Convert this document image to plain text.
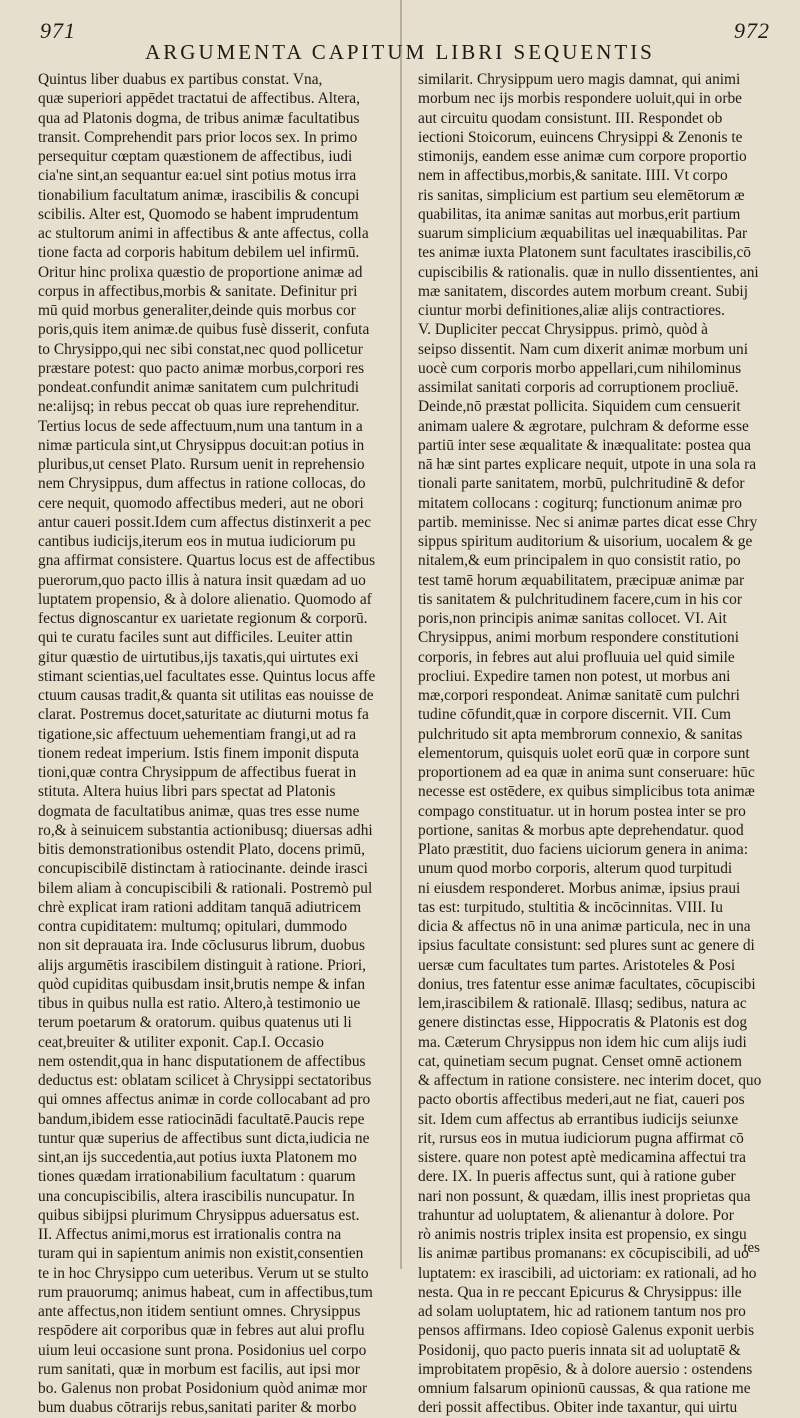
971	972
ARGUMENTA CAPITUM LIBRI SEQUENTIS
Quintus liber duabus ex partibus constat. Vna,
quæ superiori appēdet tractatui de affectibus. Altera,
qua ad Platonis dogma, de tribus animæ facultatibus
transit. Comprehendit pars prior locos sex. In primo
persequitur cœptam quæstionem de affectibus, iudi
cia'ne sint,an sequantur ea:uel sint potius motus irra
tionabilium facultatum animæ, irascibilis & concupi
scibilis. Alter est, Quomodo se habent imprudentum
ac stultorum animi in affectibus & ante affectus, colla
tione facta ad corporis habitum debilem uel infirmū.
Oritur hinc prolixa quæstio de proportione animæ ad
corpus in affectibus,morbis & sanitate. Definitur pri
mū quid morbus generaliter,deinde quis morbus cor
poris,quis item animæ.de quibus fusè disserit, confuta
to Chrysippo,qui nec sibi constat,nec quod pollicetur
præstare potest: quo pacto animæ morbus,corpori res
pondeat.confundit animæ sanitatem cum pulchritudi
ne:alijsq; in rebus peccat ob quas iure reprehenditur.
Tertius locus de sede affectuum,num una tantum in a
nimæ particula sint,ut Chrysippus docuit:an potius in
pluribus,ut censet Plato. Rursum uenit in reprehensio
nem Chrysippus, dum affectus in ratione collocas, do
cere nequit, quomodo affectibus mederi, aut ne obori
antur caueri possit.Idem cum affectus distinxerit a pec
cantibus iudicijs,iterum eos in mutua iudiciorum pu
gna affirmat consistere. Quartus locus est de affectibus
puerorum,quo pacto illis à natura insit quædam ad uo
luptatem propensio, & à dolore alienatio. Quomodo af
fectus dignoscantur ex uarietate regionum & corporū.
qui te curatu faciles sunt aut difficiles. Leuiter attin
gitur quæstio de uirtutibus,ijs taxatis,qui uirtutes exi
stimant scientias,uel facultates esse. Quintus locus affe
ctuum causas tradit,& quanta sit utilitas eas nouisse de
clarat. Postremus docet,saturitate ac diuturni motus fa
tigatione,sic affectuum uehementiam frangi,ut ad ra
tionem redeat imperium. Istis finem imponit disputa
tioni,quæ contra Chrysippum de affectibus fuerat in
stituta. Altera huius libri pars spectat ad Platonis
dogmata de facultatibus animæ, quas tres esse nume
ro,& à seinuicem substantia actionibusq; diuersas adhi
bitis demonstrationibus ostendit Plato, docens primū,
concupiscibilē distinctam à ratiocinante. deinde irasci
bilem aliam à concupiscibili & rationali. Postremò pul
chrè explicat iram rationi additam tanquā adiutricem
contra cupiditatem: multumq; opitulari, dummodo
non sit deprauata ira. Inde cōclusurus librum, duobus
alijs argumētis irascibilem distinguit à ratione. Priori,
quòd cupiditas quibusdam insit,brutis nempe & infan
tibus in quibus nulla est ratio. Altero,à testimonio ue
terum poetarum & oratorum. quibus quatenus uti li
ceat,breuiter & utiliter exponit. Cap.I. Occasio
nem ostendit,qua in hanc disputationem de affectibus
deductus est: oblatam scilicet à Chrysippi sectatoribus
qui omnes affectus animæ in corde collocabant ad pro
bandum,ibidem esse ratiocinādi facultatē.Paucis repe
tuntur quæ superius de affectibus sunt dicta,iudicia ne
sint,an ijs succedentia,aut potius iuxta Platonem mo
tiones quædam irrationabilium facultatum : quarum
una concupiscibilis, altera irascibilis nuncupatur. In
quibus sibijpsi plurimum Chrysippus aduersatus est.
II. Affectus animi,morus est irrationalis contra na
turam qui in sapientum animis non existit,consentien
te in hoc Chrysippo cum ueteribus. Verum ut se stulto
rum prauorumq; animus habeat, cum in affectibus,tum
ante affectus,non itidem sentiunt omnes. Chrysippus
respōdere ait corporibus quæ in febres aut alui proflu
uium leui occasione sunt prona. Posidonius uel corpo
rum sanitati, quæ in morbum est facilis, aut ipsi mor
bo. Galenus non probat Posidonium quòd animæ mor
bum duabus cōtrarijs rebus,sanitati pariter & morbo
similarit. Chrysippum uero magis damnat, qui animi
morbum nec ijs morbis respondere uoluit,qui in orbe
aut circuitu quodam consistunt. III. Respondet ob
iectioni Stoicorum, euincens Chrysippi & Zenonis te
stimonijs, eandem esse animæ cum corpore proportio
nem in affectibus,morbis,& sanitate. IIII. Vt corpo
ris sanitas, simplicium est partium seu elemētorum æ
quabilitas, ita animæ sanitas aut morbus,erit partium
suarum simplicium æquabilitas uel inæquabilitas. Par
tes animæ iuxta Platonem sunt facultates irascibilis,cō
cupiscibilis & rationalis. quæ in nullo dissentientes, ani
mæ sanitatem, discordes autem morbum creant. Subij
ciuntur morbi definitiones,aliæ alijs contractiores.
V. Dupliciter peccat Chrysippus. primò, quòd à
seipso dissentit. Nam cum dixerit animæ morbum uni
uocè cum corporis morbo appellari,cum nihilominus
assimilat sanitati corporis ad corruptionem procliuē.
Deinde,nō præstat pollicita. Siquidem cum censuerit
animam ualere & ægrotare, pulchram & deforme esse
partiū inter sese æqualitate & inæqualitate: postea qua
nā hæ sint partes explicare nequit, utpote in una sola ra
tionali parte sanitatem, morbū, pulchritudinē & defor
mitatem collocans : cogiturq; functionum animæ pro
partib. meminisse. Nec si animæ partes dicat esse Chry
sippus spiritum auditorium & uisorium, uocalem & ge
nitalem,& eum principalem in quo consistit ratio, po
test tamē horum æquabilitatem, præcipuæ animæ par
tis sanitatem & pulchritudinem facere,cum in his cor
poris,non principis animæ sanitas collocet. VI. Ait
Chrysippus, animi morbum respondere constitutioni
corporis, in febres aut alui profluuia uel quid simile
procliui. Expedire tamen non potest, ut morbus ani
mæ,corpori respondeat. Animæ sanitatē cum pulchri
tudine cōfundit,quæ in corpore discernit. VII. Cum
pulchritudo sit apta membrorum connexio, & sanitas
elementorum, quisquis uolet eorū quæ in corpore sunt
proportionem ad ea quæ in anima sunt conseruare: hūc
necesse est ostēdere, ex quibus simplicibus tota animæ
compago constituatur. ut in horum postea inter se pro
portione, sanitas & morbus apte deprehendatur. quod
Plato præstitit, duo faciens uiciorum genera in anima:
unum quod morbo corporis, alterum quod turpitudi
ni eiusdem responderet. Morbus animæ, ipsius praui
tas est: turpitudo, stultitia & incōcinnitas. VIII. Iu
dicia & affectus nō in una animæ particula, nec in una
ipsius facultate consistunt: sed plures sunt ac genere di
uersæ cum facultates tum partes. Aristoteles & Posi
donius, tres fatentur esse animæ facultates, cōcupiscibi
lem,irascibilem & rationalē. Illasq; sedibus, natura ac
genere distinctas esse, Hippocratis & Platonis est dog
ma. Cæterum Chrysippus non idem hic cum alijs iudi
cat, quinetiam secum pugnat. Censet omnē actionem
& affectum in ratione consistere. nec interim docet, quo
pacto obortis affectibus mederi,aut ne fiat, caueri pos
sit. Idem cum affectus ab errantibus iudicijs seiunxe
rit, rursus eos in mutua iudiciorum pugna affirmat cō
sistere. quare non potest aptè medicamina affectui tra
dere. IX. In pueris affectus sunt, qui à ratione guber
nari non possunt, & quædam, illis inest proprietas qua
trahuntur ad uoluptatem, & alienantur à dolore. Por
rò animis nostris triplex insita est propensio, ex singu
lis animæ partibus promanans: ex cōcupiscibili, ad uo
luptatem: ex irascibili, ad uictoriam: ex rationali, ad ho
nesta. Qua in re peccant Epicurus & Chrysippus: ille
ad solam uoluptatem, hic ad rationem tantum nos pro
pensos affirmans. Ideo copiosè Galenus exponit uerbis
Posidonij, quo pacto pueris innata sit ad uoluptatē &
improbitatem propēsio, & à dolore auersio : ostendens
omnium falsarum opinionū caussas, & qua ratione me
deri possit affectibus. Obiter inde taxantur, qui uirtu
tes
